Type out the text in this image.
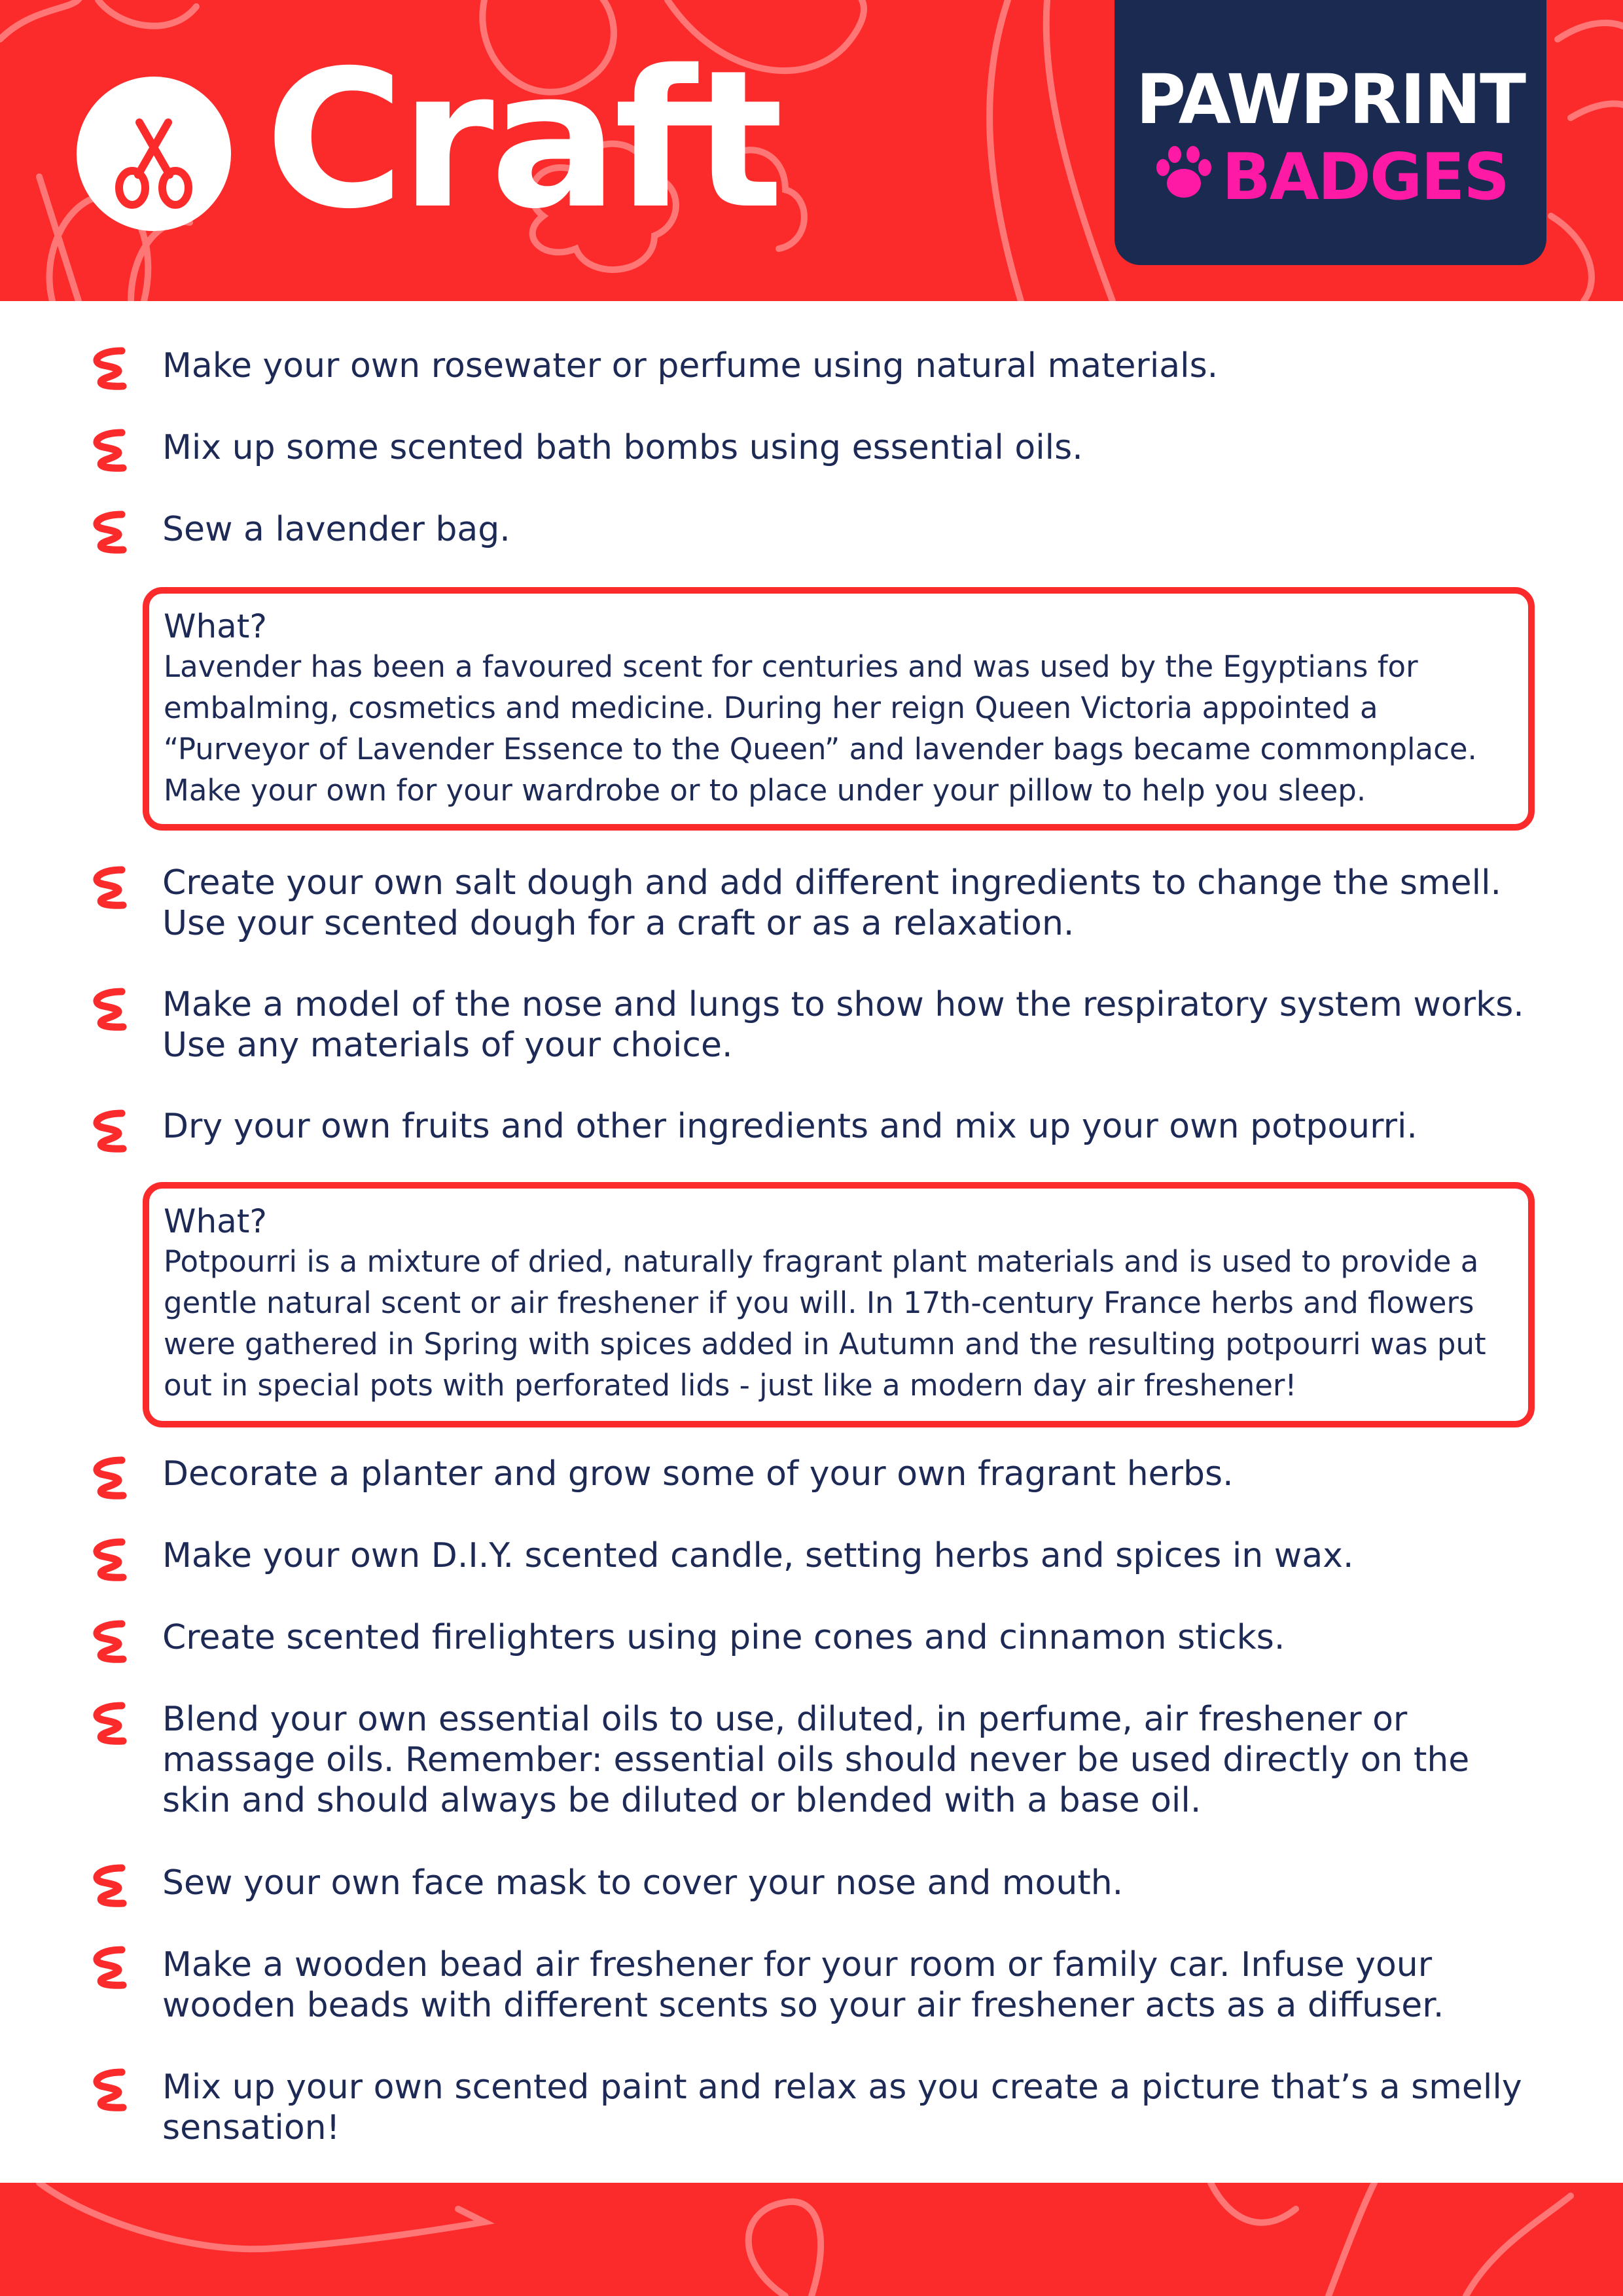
Craft	PAWPRINT
BADGES
Make your own rosewater or perfume using natural materials.
Mix up some scented bath bombs using essential oils.
Sew a lavender bag.
What?
Lavender has been a favoured scent for centuries and was used by the Egyptians for embalming, cosmetics and medicine. During her reign Queen Victoria appointed a “Purveyor of Lavender Essence to the Queen” and lavender bags became commonplace. Make your own for your wardrobe or to place under your pillow to help you sleep.
Create your own salt dough and add different ingredients to change the smell. Use your scented dough for a craft or as a relaxation.
Make a model of the nose and lungs to show how the respiratory system works. Use any materials of your choice.
Dry your own fruits and other ingredients and mix up your own potpourri.
What?
Potpourri is a mixture of dried, naturally fragrant plant materials and is used to provide a gentle natural scent or air freshener if you will. In 17th-century France herbs and flowers were gathered in Spring with spices added in Autumn and the resulting potpourri was put out in special pots with perforated lids - just like a modern day air freshener!
Decorate a planter and grow some of your own fragrant herbs.
Make your own D.I.Y. scented candle, setting herbs and spices in wax.
Create scented firelighters using pine cones and cinnamon sticks.
Blend your own essential oils to use, diluted, in perfume, air freshener or massage oils. Remember: essential oils should never be used directly on the skin and should always be diluted or blended with a base oil.
Sew your own face mask to cover your nose and mouth.
Make a wooden bead air freshener for your room or family car. Infuse your wooden beads with different scents so your air freshener acts as a diffuser.
Mix up your own scented paint and relax as you create a picture that’s a smelly sensation!
